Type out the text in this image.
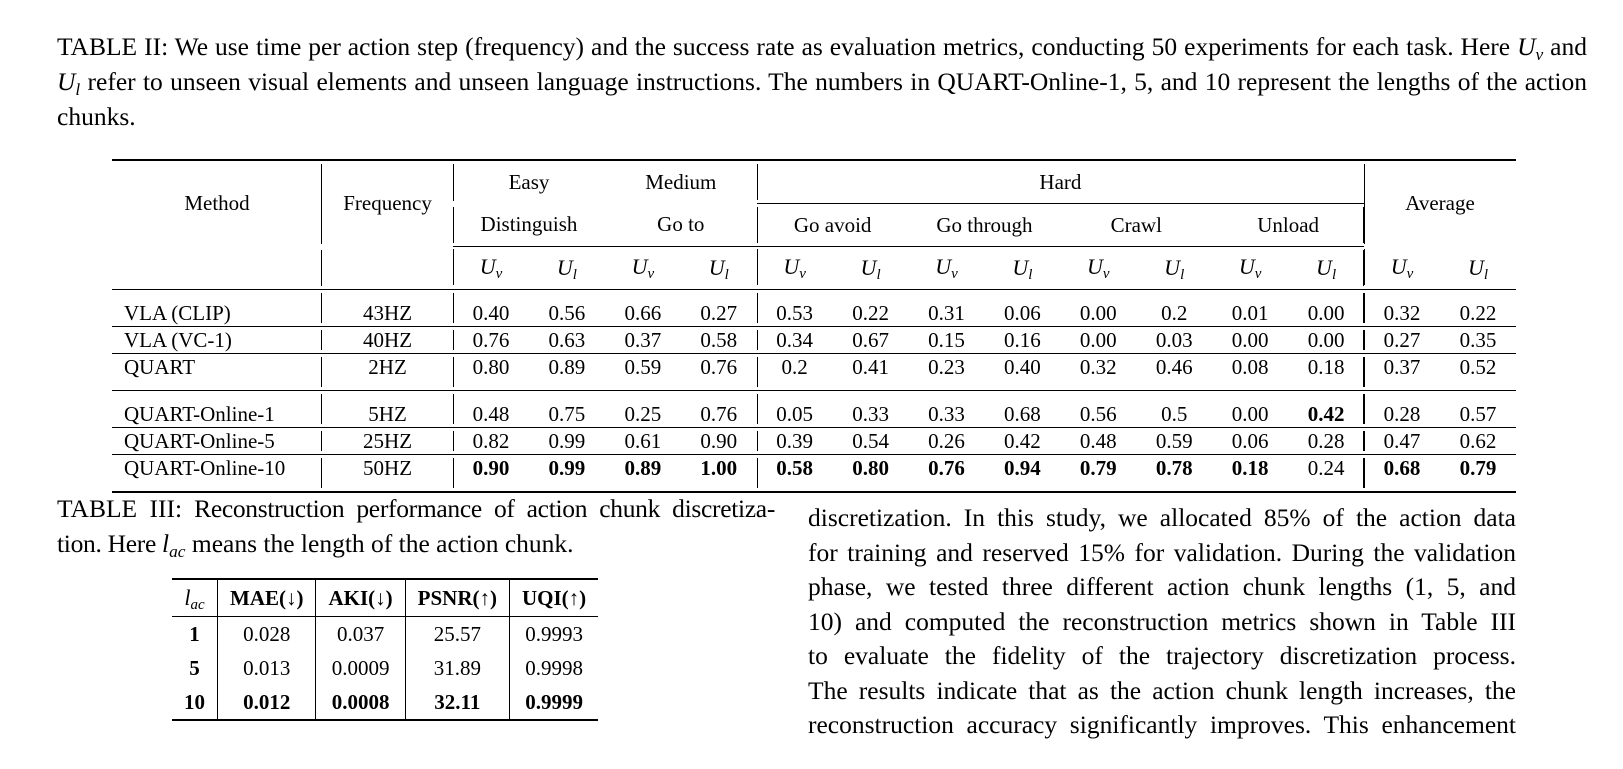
TABLE II: We use time per action step (frequency) and the success rate as evaluation metrics, conducting 50 experiments for each task. Here $U_v$ and $U_l$ refer to unseen visual elements and unseen language instructions. The numbers in QUART-Online-1, 5, and 10 represent the lengths of the action chunks.
Method	Frequency	Easy		Medium		Hard								Average	
		Distinguish		Go to		Go avoid		Go through		Crawl		Unload			
		$U_v$	$U_l$	$U_v$	$U_l$	$U_v$	$U_l$	$U_v$	$U_l$	$U_v$	$U_l$	$U_v$	$U_l$	$U_v$	$U_l$
VLA (CLIP)	43HZ	0.40	0.56	0.66	0.27	0.53	0.22	0.31	0.06	0.00	0.2	0.01	0.00	0.32	0.22
VLA (VC-1)	40HZ	0.76	0.63	0.37	0.58	0.34	0.67	0.15	0.16	0.00	0.03	0.00	0.00	0.27	0.35
QUART	2HZ	0.80	0.89	0.59	0.76	0.2	0.41	0.23	0.40	0.32	0.46	0.08	0.18	0.37	0.52
QUART-Online-1	5HZ	0.48	0.75	0.25	0.76	0.05	0.33	0.33	0.68	0.56	0.5	0.00	0.42	0.28	0.57
QUART-Online-5	25HZ	0.82	0.99	0.61	0.90	0.39	0.54	0.26	0.42	0.48	0.59	0.06	0.28	0.47	0.62
QUART-Online-10	50HZ	0.90	0.99	0.89	1.00	0.58	0.80	0.76	0.94	0.79	0.78	0.18	0.24	0.68	0.79
TABLE III: Reconstruction performance of action chunk discretiza-tion. Here $l_{ac}$ means the length of the action chunk.
$l_{ac}$	MAE(↓)	AKI(↓)	PSNR(↑)	UQI(↑)
1	0.028	0.037	25.57	0.9993
5	0.013	0.0009	31.89	0.9998
10	0.012	0.0008	32.11	0.9999
discretization. In this study, we allocated 85% of the action data
for training and reserved 15% for validation. During the validation
phase, we tested three different action chunk lengths (1, 5, and
10) and computed the reconstruction metrics shown in Table III
to evaluate the fidelity of the trajectory discretization process.
The results indicate that as the action chunk length increases, the
reconstruction accuracy significantly improves. This enhancement
